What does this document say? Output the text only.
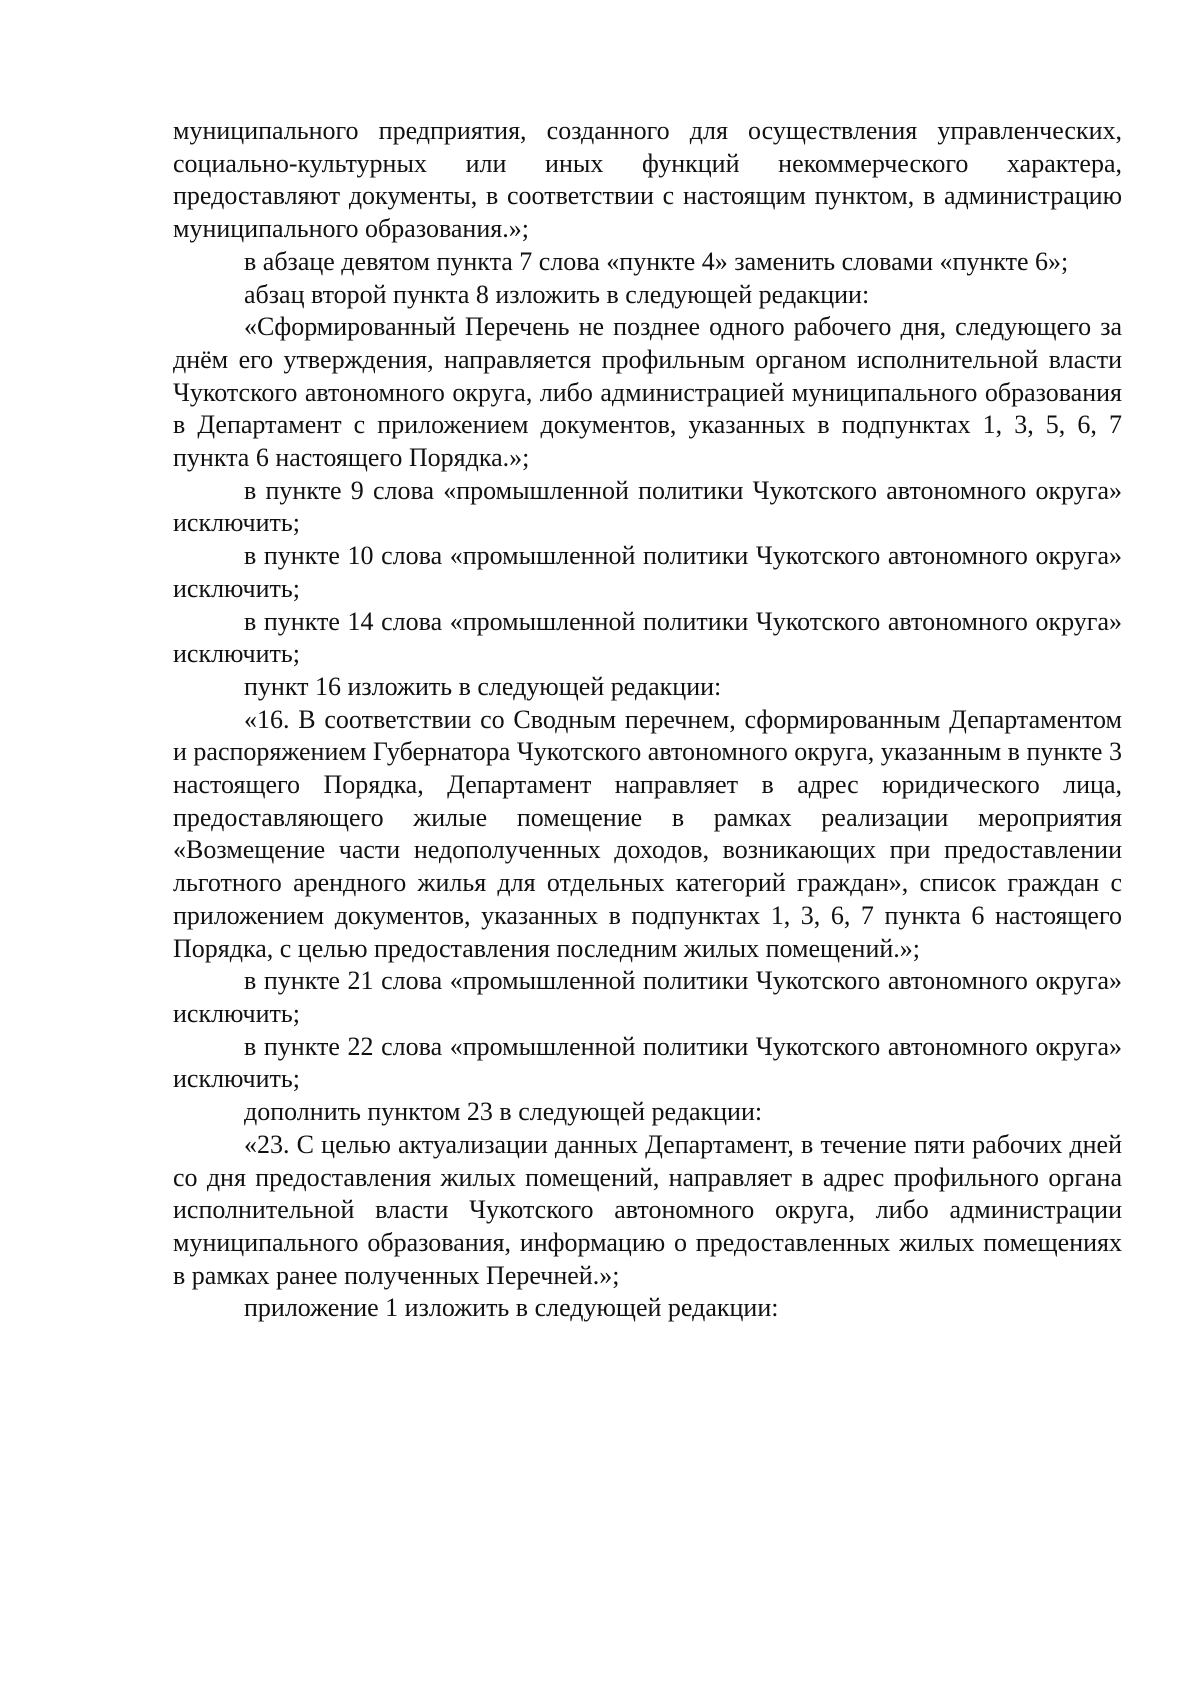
муниципального предприятия, созданного для осуществления управленческих, социально-культурных или иных функций некоммерческого характера, предоставляют документы, в соответствии с настоящим пунктом, в администрацию муниципального образования.»;

в абзаце девятом пункта 7 слова «пункте 4» заменить словами «пункте 6»;

абзац второй пункта 8 изложить в следующей редакции:

«Сформированный Перечень не позднее одного рабочего дня, следующего за днём его утверждения, направляется профильным органом исполнительной власти Чукотского автономного округа, либо администрацией муниципального образования в Департамент с приложением документов, указанных в подпунктах 1, 3, 5, 6, 7 пункта 6 настоящего Порядка.»;

в пункте 9 слова «промышленной политики Чукотского автономного округа» исключить;

в пункте 10 слова «промышленной политики Чукотского автономного округа» исключить;

в пункте 14 слова «промышленной политики Чукотского автономного округа» исключить;

пункт 16 изложить в следующей редакции:

«16. В соответствии со Сводным перечнем, сформированным Департаментом и распоряжением Губернатора Чукотского автономного округа, указанным в пункте 3 настоящего Порядка, Департамент направляет в адрес юридического лица, предоставляющего жилые помещение в рамках реализации мероприятия «Возмещение части недополученных доходов, возникающих при предоставлении льготного арендного жилья для отдельных категорий граждан», список граждан с приложением документов, указанных в подпунктах 1, 3, 6, 7 пункта 6 настоящего Порядка, с целью предоставления последним жилых помещений.»;

в пункте 21 слова «промышленной политики Чукотского автономного округа» исключить;

в пункте 22 слова «промышленной политики Чукотского автономного округа» исключить;

дополнить пунктом 23 в следующей редакции:

«23. С целью актуализации данных Департамент, в течение пяти рабочих дней со дня предоставления жилых помещений, направляет в адрес профильного органа исполнительной власти Чукотского автономного округа, либо администрации муниципального образования, информацию о предоставленных жилых помещениях в рамках ранее полученных Перечней.»;

приложение 1 изложить в следующей редакции:
